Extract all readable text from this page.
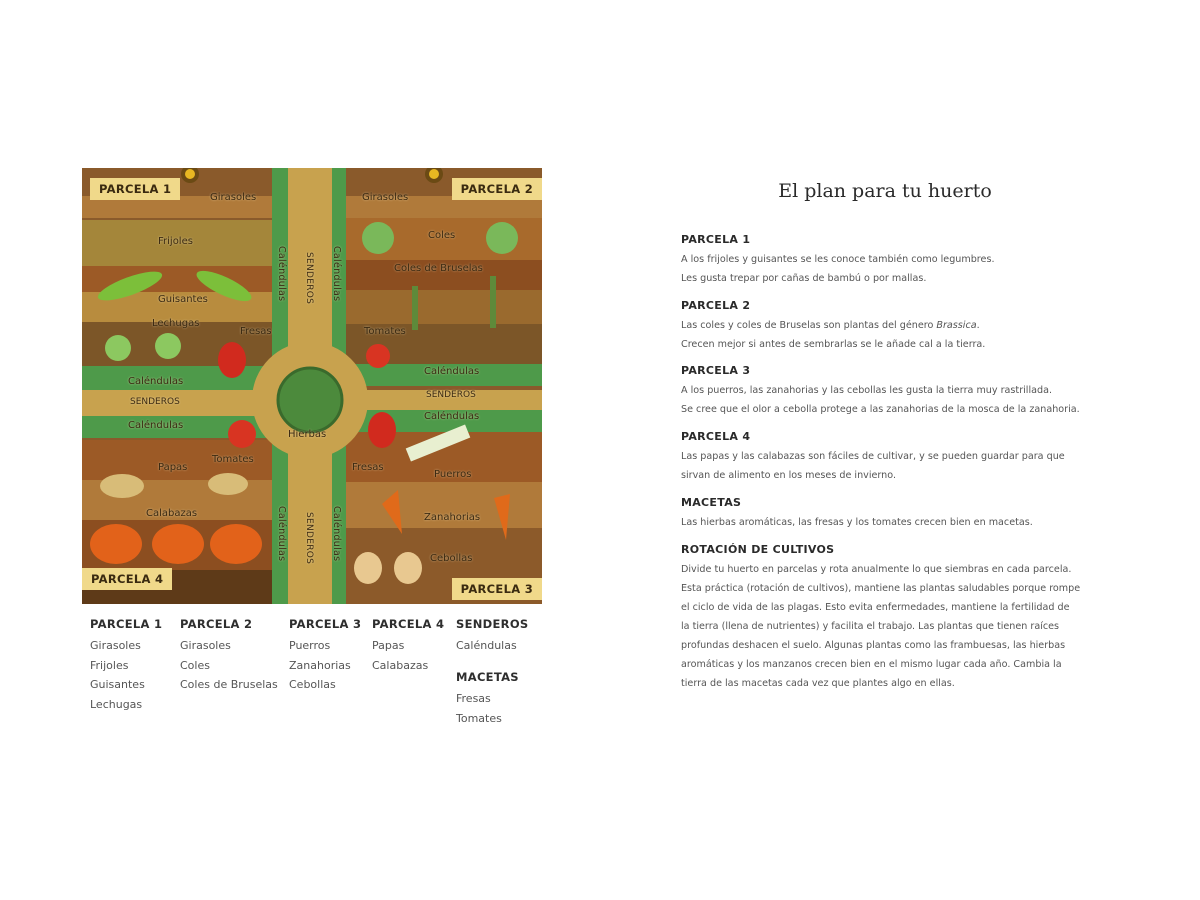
PARCELA 1	PARCELA 2
PARCELA 3
PARCELA 4
Girasoles
Frijoles
Guisantes
Lechugas
Fresas
Caléndulas
SENDEROS
Caléndulas
Tomates
Papas
Calabazas
Hierbas
Girasoles
Coles
Coles de Bruselas
Tomates
Caléndulas
SENDEROS
Caléndulas
Fresas
Puerros
Zanahorias
Cebollas
Caléndulas SENDEROS Caléndulas
Caléndulas SENDEROS Caléndulas
PARCELA 1
Girasoles
Frijoles
Guisantes
Lechugas
PARCELA 2
Girasoles
Coles
Coles de Bruselas
PARCELA 3
Puerros
Zanahorias
Cebollas
PARCELA 4
Papas
Calabazas
SENDEROS
Caléndulas
MACETAS
Fresas
Tomates
El plan para tu huerto
PARCELA 1

A los frijoles y guisantes se les conoce también como legumbres.

Les gusta trepar por cañas de bambú o por mallas.

PARCELA 2

Las coles y coles de Bruselas son plantas del género Brassica.

Crecen mejor si antes de sembrarlas se le añade cal a la tierra.

PARCELA 3

A los puerros, las zanahorias y las cebollas les gusta la tierra muy rastrillada.

Se cree que el olor a cebolla protege a las zanahorias de la mosca de la zanahoria.

PARCELA 4

Las papas y las calabazas son fáciles de cultivar, y se pueden guardar para que

sirvan de alimento en los meses de invierno.

MACETAS

Las hierbas aromáticas, las fresas y los tomates crecen bien en macetas.

ROTACIÓN DE CULTIVOS

Divide tu huerto en parcelas y rota anualmente lo que siembras en cada parcela.

Esta práctica (rotación de cultivos), mantiene las plantas saludables porque rompe

el ciclo de vida de las plagas. Esto evita enfermedades, mantiene la fertilidad de

la tierra (llena de nutrientes) y facilita el trabajo. Las plantas que tienen raíces

profundas deshacen el suelo. Algunas plantas como las frambuesas, las hierbas

aromáticas y los manzanos crecen bien en el mismo lugar cada año. Cambia la

tierra de las macetas cada vez que plantes algo en ellas.
